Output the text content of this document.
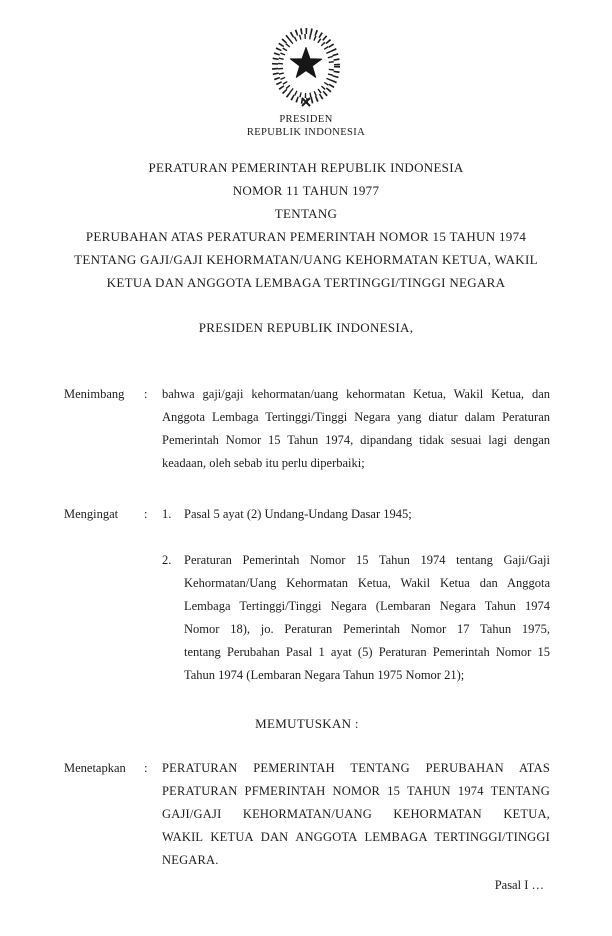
PRESIDEN
REPUBLIK INDONESIA
PERATURAN PEMERINTAH REPUBLIK INDONESIA
NOMOR 11 TAHUN 1977
TENTANG
PERUBAHAN ATAS PERATURAN PEMERINTAH NOMOR 15 TAHUN 1974
TENTANG GAJI/GAJI KEHORMATAN/UANG KEHORMATAN KETUA, WAKIL
KETUA DAN ANGGOTA LEMBAGA TERTINGGI/TINGGI NEGARA
PRESIDEN REPUBLIK INDONESIA,
Menimbang	:	bahwa gaji/gaji kehormatan/uang kehormatan Ketua, Wakil Ketua, dan
Anggota Lembaga Tertinggi/Tinggi Negara yang diatur dalam Peraturan
Pemerintah Nomor 15 Tahun 1974, dipandang tidak sesuai lagi dengan
keadaan, oleh sebab itu perlu diperbaiki;
Mengingat	:	1.	Pasal 5 ayat (2) Undang-Undang Dasar 1945;
2.	Peraturan Pemerintah Nomor 15 Tahun 1974 tentang Gaji/Gaji
Kehormatan/Uang Kehormatan Ketua, Wakil Ketua dan Anggota
Lembaga Tertinggi/Tinggi Negara (Lembaran Negara Tahun 1974
Nomor 18), jo. Peraturan Pemerintah Nomor 17 Tahun 1975,
tentang Perubahan Pasal 1 ayat (5) Peraturan Pemerintah Nomor 15
Tahun 1974 (Lembaran Negara Tahun 1975 Nomor 21);
MEMUTUSKAN :
Menetapkan	:	PERATURAN PEMERINTAH TENTANG PERUBAHAN ATAS
PERATURAN PFMERINTAH NOMOR 15 TAHUN 1974 TENTANG
GAJI/GAJI KEHORMATAN/UANG KEHORMATAN KETUA,
WAKIL KETUA DAN ANGGOTA LEMBAGA TERTINGGI/TINGGI
NEGARA.
Pasal I …
